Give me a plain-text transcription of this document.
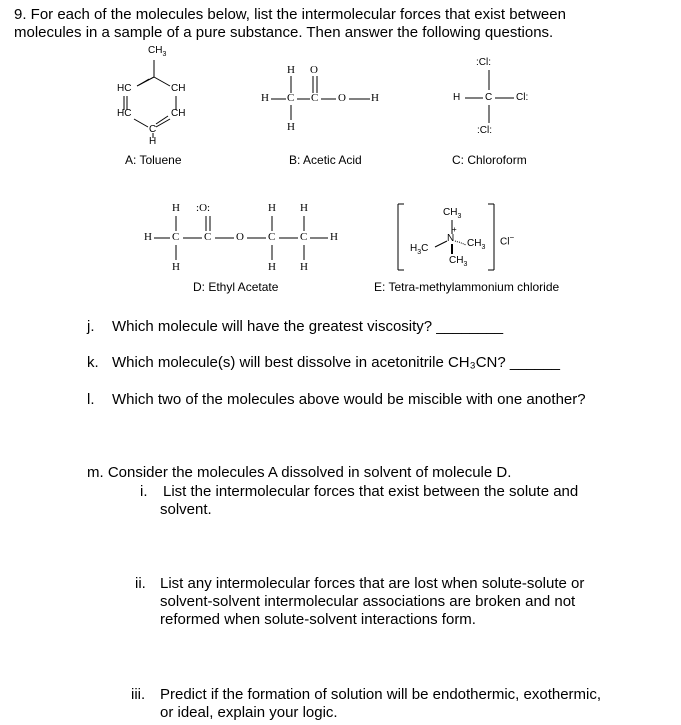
9. For each of the molecules below, list the intermolecular forces that exist between
molecules in a sample of a pure substance. Then answer the following questions.
$CH_3$
HC	CH
HC	CH
C
H
A: Toluene
H O
H C C O H
H
B: Acetic Acid
:Cl:
H C Cl:
:Cl:
C: Chloroform
H :O:	H H
H C C O C C H
H	H H
D: Ethyl Acetate
$CH_3$
+
N $CH_3$
$H_3C$
$CH_3$
Cl−
E: Tetra-methylammonium chloride
j. Which molecule will have the greatest viscosity? ________
k. Which molecule(s) will best dissolve in acetonitrile CH₃CN? ______
l. Which two of the molecules above would be miscible with one another?
m. Consider the molecules A dissolved in solvent of molecule D.
i. List the intermolecular forces that exist between the solute and
solvent.
ii. List any intermolecular forces that are lost when solute-solute or
solvent-solvent intermolecular associations are broken and not
reformed when solute-solvent interactions form.
iii. Predict if the formation of solution will be endothermic, exothermic,
or ideal, explain your logic.
